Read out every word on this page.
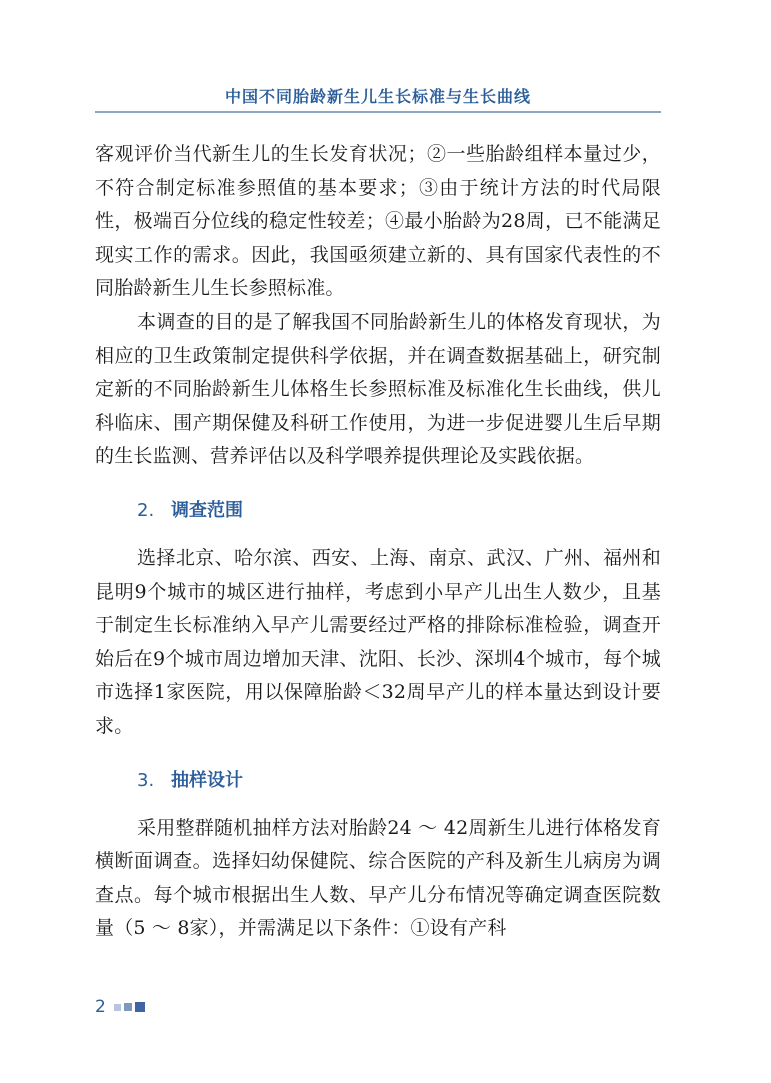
中国不同胎龄新生儿生长标准与生长曲线

客观评价当代新生儿的生长发育状况；②一些胎龄组样本量过少，不符合制定标准参照值的基本要求；③由于统计方法的时代局限性，极端百分位线的稳定性较差；④最小胎龄为28周，已不能满足现实工作的需求。因此，我国亟须建立新的、具有国家代表性的不同胎龄新生儿生长参照标准。

本调查的目的是了解我国不同胎龄新生儿的体格发育现状，为相应的卫生政策制定提供科学依据，并在调查数据基础上，研究制定新的不同胎龄新生儿体格生长参照标准及标准化生长曲线，供儿科临床、围产期保健及科研工作使用，为进一步促进婴儿生后早期的生长监测、营养评估以及科学喂养提供理论及实践依据。

2. 调查范围

选择北京、哈尔滨、西安、上海、南京、武汉、广州、福州和昆明9个城市的城区进行抽样，考虑到小早产儿出生人数少，且基于制定生长标准纳入早产儿需要经过严格的排除标准检验，调查开始后在9个城市周边增加天津、沈阳、长沙、深圳4个城市，每个城市选择1家医院，用以保障胎龄＜32周早产儿的样本量达到设计要求。

3. 抽样设计

采用整群随机抽样方法对胎龄24 ～ 42周新生儿进行体格发育横断面调查。选择妇幼保健院、综合医院的产科及新生儿病房为调查点。每个城市根据出生人数、早产儿分布情况等确定调查医院数量（5 ～ 8家），并需满足以下条件：①设有产科

2
